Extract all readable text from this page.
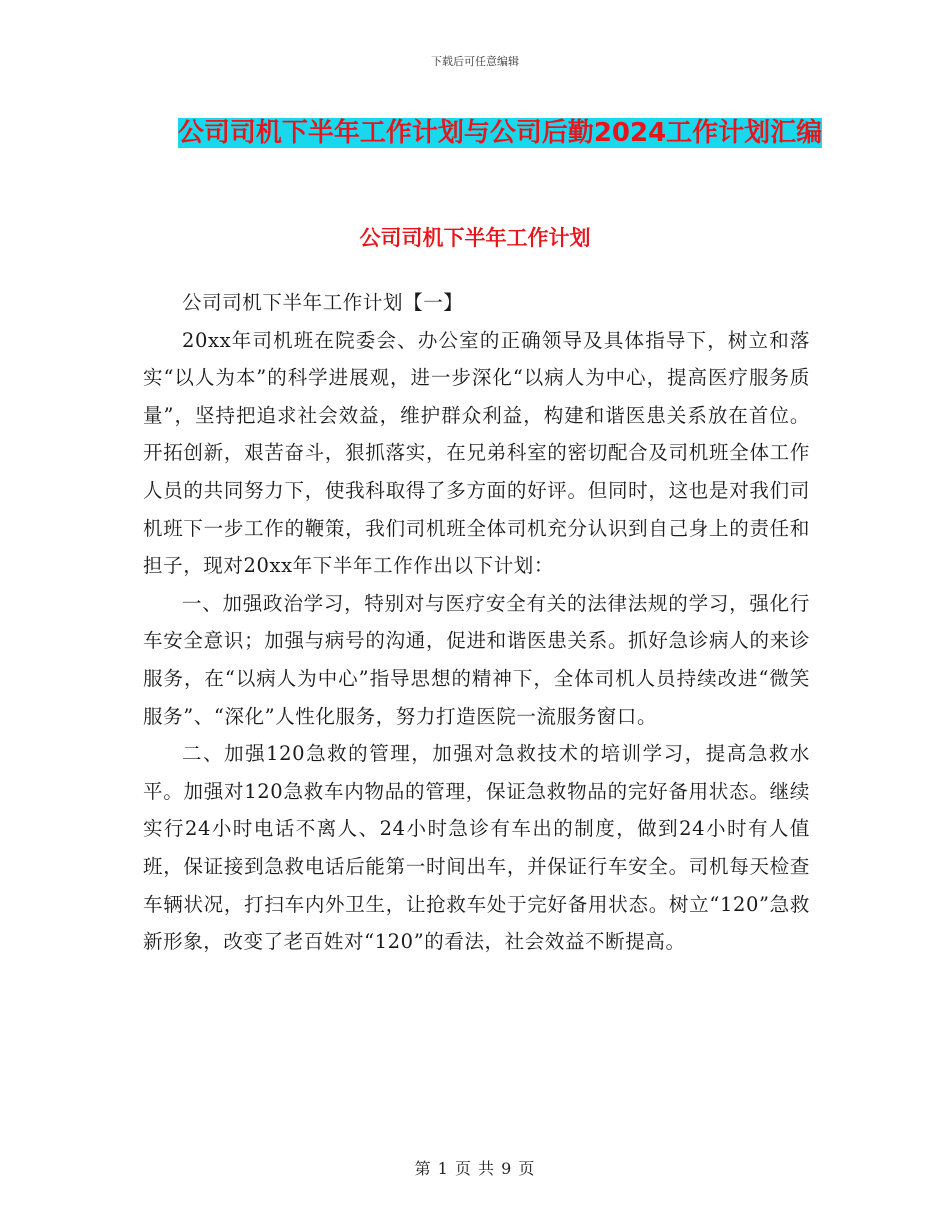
下载后可任意编辑
公司司机下半年工作计划与公司后勤2024工作计划汇编
公司司机下半年工作计划

公司司机下半年工作计划【一】

20xx年司机班在院委会、办公室的正确领导及具体指导下，树立和落实“以人为本”的科学进展观，进一步深化“以病人为中心，提高医疗服务质量”，坚持把追求社会效益，维护群众利益，构建和谐医患关系放在首位。开拓创新，艰苦奋斗，狠抓落实，在兄弟科室的密切配合及司机班全体工作人员的共同努力下，使我科取得了多方面的好评。但同时，这也是对我们司机班下一步工作的鞭策，我们司机班全体司机充分认识到自己身上的责任和担子，现对20xx年下半年工作作出以下计划：

一、加强政治学习，特别对与医疗安全有关的法律法规的学习，强化行车安全意识；加强与病号的沟通，促进和谐医患关系。抓好急诊病人的来诊服务，在“以病人为中心”指导思想的精神下，全体司机人员持续改进“微笑服务”、“深化”人性化服务，努力打造医院一流服务窗口。

二、加强120急救的管理，加强对急救技术的培训学习，提高急救水平。加强对120急救车内物品的管理，保证急救物品的完好备用状态。继续实行24小时电话不离人、24小时急诊有车出的制度，做到24小时有人值班，保证接到急救电话后能第一时间出车，并保证行车安全。司机每天检查车辆状况，打扫车内外卫生，让抢救车处于完好备用状态。树立“120”急救新形象，改变了老百姓对“120”的看法，社会效益不断提高。

第 1 页 共 9 页
